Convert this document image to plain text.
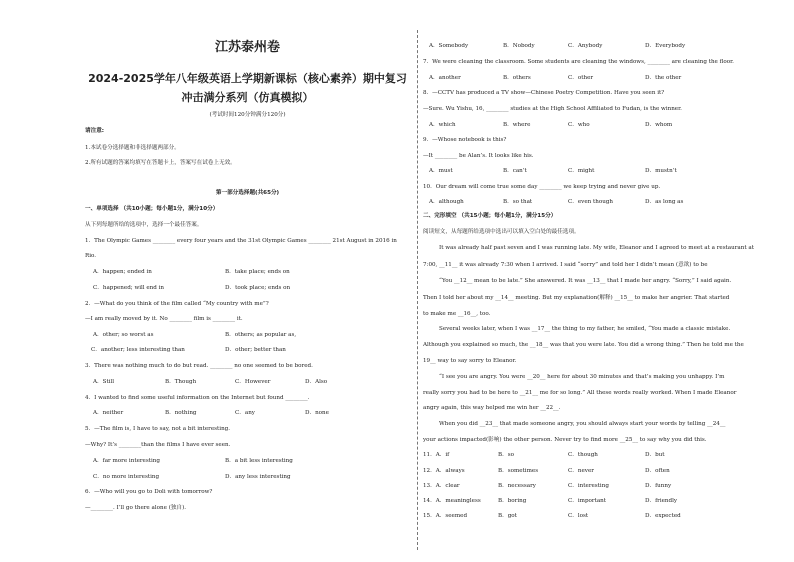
江苏泰州卷
2024-2025学年八年级英语上学期新课标（核心素养）期中复习
冲击满分系列（仿真模拟）
(考试时间120分钟满分120分)
请注意:
1.本试卷分选择题和非选择题两部分。
2.所有试题的答案均填写在答题卡上，答案写在试卷上无效。
第一部分选择题(共65分)
一、单项选择 （共10小题；每小题1分，满分10分）
从下列每题所给的选项中，选择一个最佳答案。
1．The Olympic Games ________ every four years and the 31st Olympic Games ________ 21st August in 2016 in
Rio.
A．happen; ended in	B．take place; ends on
C．happened; will end in	D．took place; ends on
2．—What do you think of the film called “My country with me”?
—I am really moved by it. No ________ film is ________ it.
A．other; so worst as	B．others; as popular as,
C．another; less interesting than	D．other; better than
3．There was nothing much to do but read. ________ no one seemed to be bored.
A．Still	B．Though	C．However	D．Also
4．I wanted to find some useful information on the Internet but found ________.
A．neither	B．nothing	C．any	D．none
5．—The film is, I have to say, not a bit interesting.
—Why? It’s ________than the films I have ever seen.
A．far more interesting	B．a bit less interesting
C．no more interesting	D．any less interesting
6．—Who will you go to Doli with tomorrow?
—________. I’ll go there alone (独自).
A．Somebody	B．Nobody	C．Anybody	D．Everybody
7．We were cleaning the classroom. Some students are cleaning the windows, ________ are cleaning the floor.
A．another	B．others	C．other	D．the other
8．—CCTV has produced a TV show—Chinese Poetry Competition. Have you seen it?
—Sure. Wu Yishu, 16, ________ studies at the High School Affiliated to Fudan, is the winner.
A．which	B．where	C．who	D．whom
9．—Whose notebook is this?
—It ________ be Alan’s. It looks like his.
A．must	B．can’t	C．might	D．mustn’t
10．Our dream will come true some day ________ we keep trying and never give up.
A．although	B．so that	C．even though	D．as long as
二、完形填空 （共15小题；每小题1分，满分15分）
阅读短文，从每题所给选项中选出可以填入空白处的最佳选项。
It was already half past seven and I was running late. My wife, Eleanor and I agreed to meet at a restaurant at
7:00, __11__ it was already 7:30 when I arrived. I said “sorry” and told her I didn’t mean (意欲) to be
“You __12__ mean to be late.” She answered. It was __13__ that I made her angry. “Sorry,” I said again.
Then I told her about my __14__ meeting. But my explanation(解释) __15__ to make her angrier. That started
to make me __16__, too.
Several weeks later, when I was __17__ the thing to my father, he smiled, “You made a classic mistake.
Although you explained so much, the __18__ was that you were late. You did a wrong thing.” Then he told me the
19__ way to say sorry to Eleanor.
“I see you are angry. You were __20__ here for about 30 minutes and that’s making you unhappy. I’m
really sorry you had to be here to __21__ me for so long.” All these words really worked. When I made Eleanor
angry again, this way helped me win her __22__.
When you did __23__ that made someone angry, you should always start your words by telling __24__
your actions impacted(影响) the other person. Never try to find more __25__ to say why you did this.
11．A．if	B．so	C．though	D．but
12．A．always	B．sometimes	C．never	D．often
13．A．clear	B．necessary	C．interesting	D．funny
14．A．meaningless	B．boring	C．important	D．friendly
15．A．seemed	B．got	C．lost	D．expected
